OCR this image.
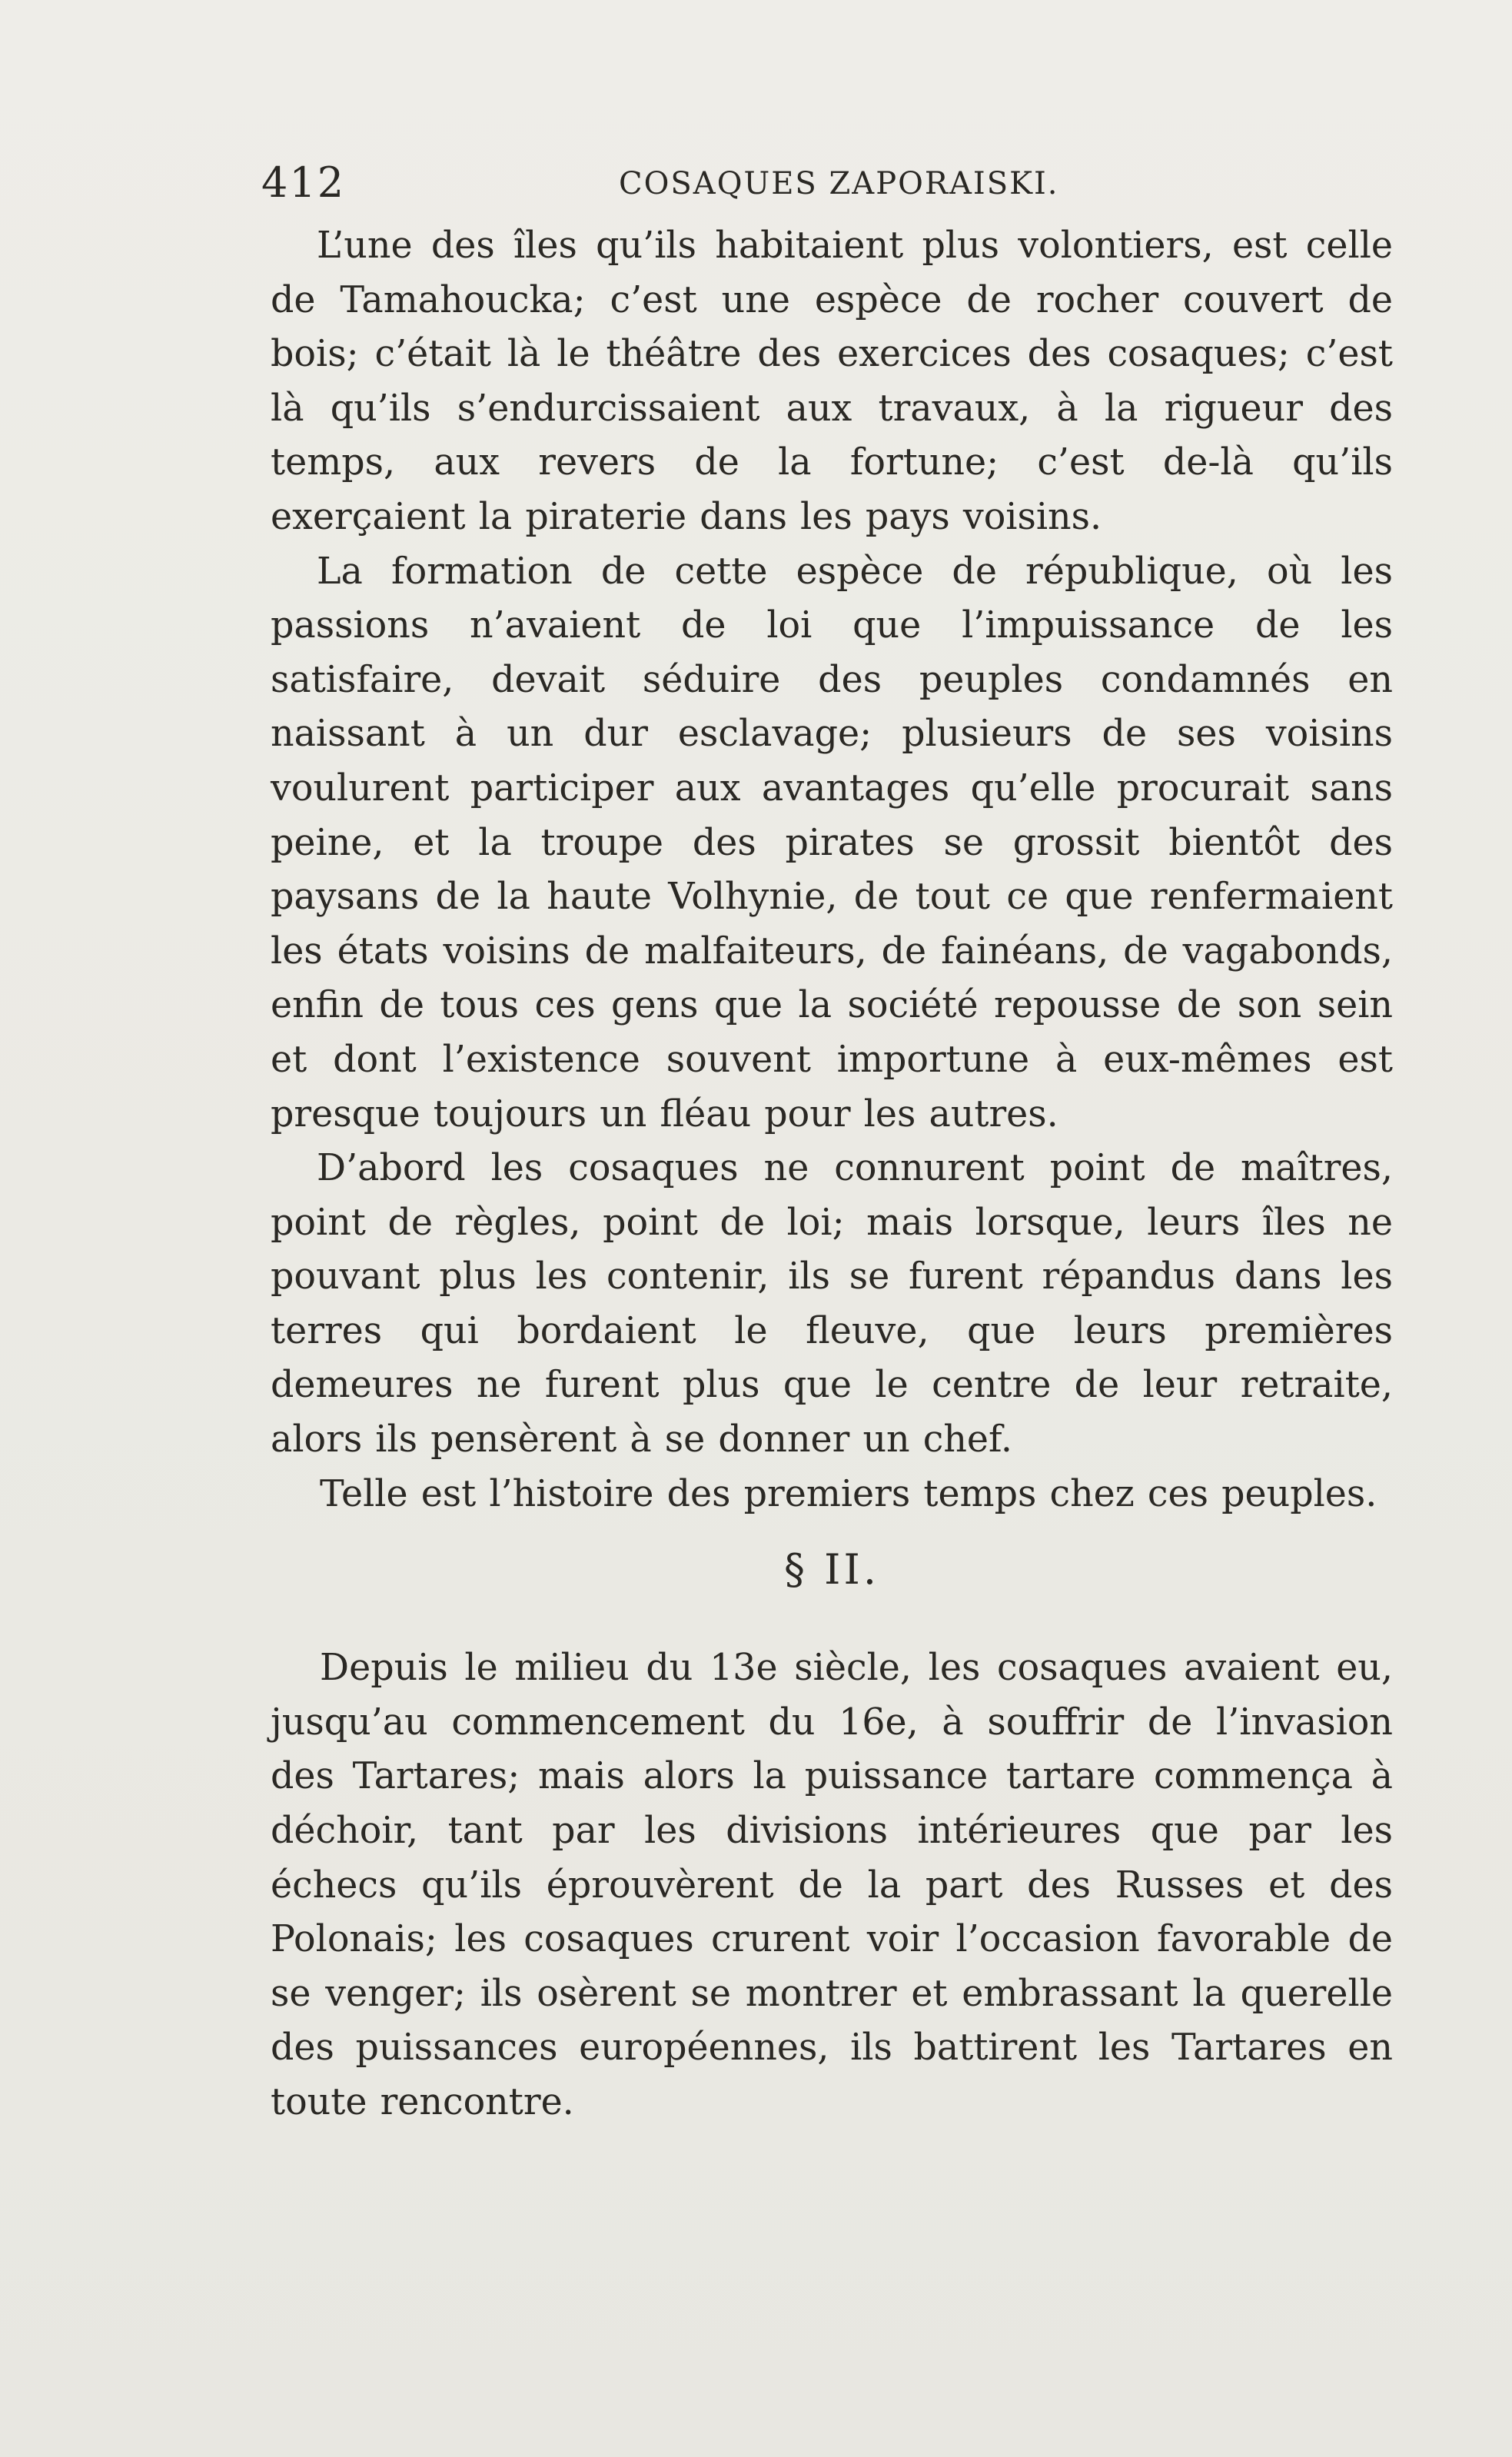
412	COSAQUES ZAPORAISKI.

L’une des îles qu’ils habitaient plus volontiers, est celle de Tamahoucka; c’est une espèce de rocher couvert de bois; c’était là le théâtre des exercices des cosaques; c’est là qu’ils s’endurcissaient aux travaux, à la rigueur des temps, aux revers de la fortune; c’est de-là qu’ils exerçaient la piraterie dans les pays voisins.

La formation de cette espèce de république, où les passions n’avaient de loi que l’impuissance de les satisfaire, devait séduire des peuples condamnés en naissant à un dur esclavage; plusieurs de ses voisins voulurent participer aux avantages qu’elle procurait sans peine, et la troupe des pirates se grossit bientôt des paysans de la haute Volhynie, de tout ce que renfermaient les états voisins de malfaiteurs, de fainéans, de vagabonds, enfin de tous ces gens que la société repousse de son sein et dont l’existence souvent importune à eux-mêmes est presque toujours un fléau pour les autres.

D’abord les cosaques ne connurent point de maîtres, point de règles, point de loi; mais lorsque, leurs îles ne pouvant plus les contenir, ils se furent répandus dans les terres qui bordaient le fleuve, que leurs premières demeures ne furent plus que le centre de leur retraite, alors ils pensèrent à se donner un chef.

Telle est l’histoire des premiers temps chez ces peuples.

§ II.

Depuis le milieu du 13e siècle, les cosaques avaient eu, jusqu’au commencement du 16e, à souffrir de l’invasion des Tartares; mais alors la puissance tartare commença à déchoir, tant par les divisions intérieures que par les échecs qu’ils éprouvèrent de la part des Russes et des Polonais; les cosaques crurent voir l’occasion favorable de se venger; ils osèrent se montrer et embrassant la querelle des puissances européennes, ils battirent les Tartares en toute rencontre.
